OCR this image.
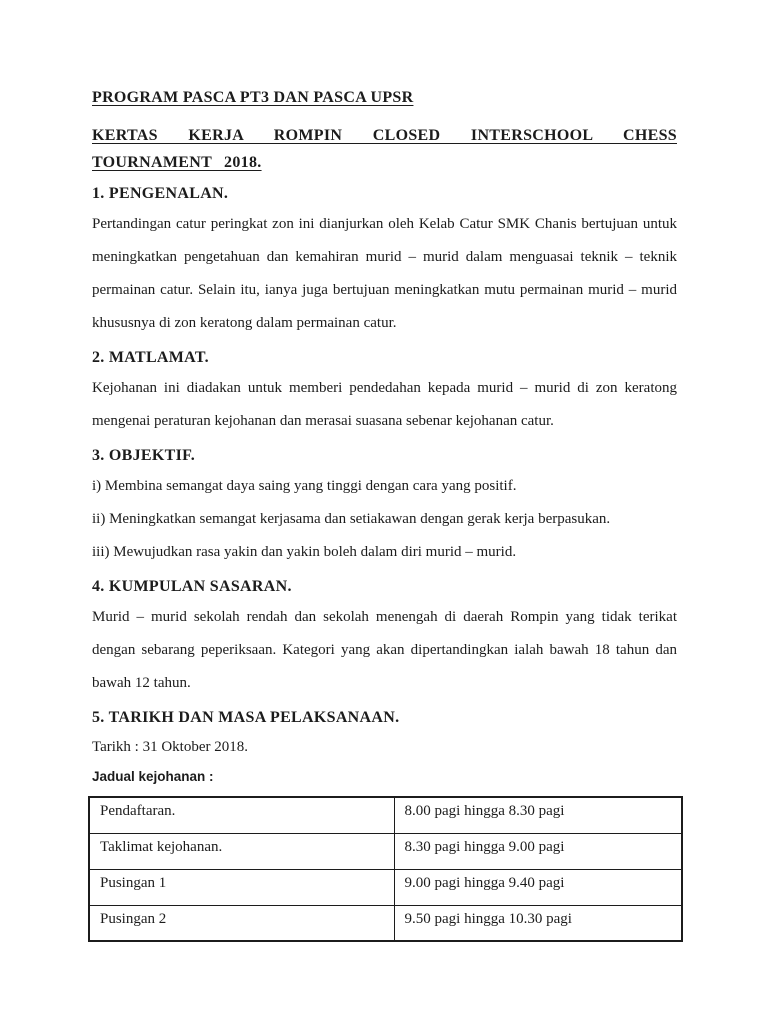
PROGRAM PASCA PT3 DAN PASCA UPSR
KERTAS KERJA ROMPIN CLOSED INTERSCHOOL CHESS TOURNAMENT 2018.
1. PENGENALAN.

Pertandingan catur peringkat zon ini dianjurkan oleh Kelab Catur SMK Chanis bertujuan untuk meningkatkan pengetahuan dan kemahiran murid – murid dalam menguasai teknik – teknik permainan catur. Selain itu, ianya juga bertujuan meningkatkan mutu permainan murid – murid khususnya di zon keratong dalam permainan catur.

2. MATLAMAT.

Kejohanan ini diadakan untuk memberi pendedahan kepada murid – murid di zon keratong mengenai peraturan kejohanan dan merasai suasana sebenar kejohanan catur.

3. OBJEKTIF.

i) Membina semangat daya saing yang tinggi dengan cara yang positif.

ii) Meningkatkan semangat kerjasama dan setiakawan dengan gerak kerja berpasukan.

iii) Mewujudkan rasa yakin dan yakin boleh dalam diri murid – murid.

4. KUMPULAN SASARAN.

Murid – murid sekolah rendah dan sekolah menengah di daerah Rompin yang tidak terikat dengan sebarang peperiksaan. Kategori yang akan dipertandingkan ialah bawah 18 tahun dan bawah 12 tahun.

5. TARIKH DAN MASA PELAKSANAAN.

Tarikh : 31 Oktober 2018.

Jadual kejohanan :
Pendaftaran.	8.00 pagi hingga 8.30 pagi
Taklimat kejohanan.	8.30 pagi hingga 9.00 pagi
Pusingan 1	9.00 pagi hingga 9.40 pagi
Pusingan 2	9.50 pagi hingga 10.30 pagi
